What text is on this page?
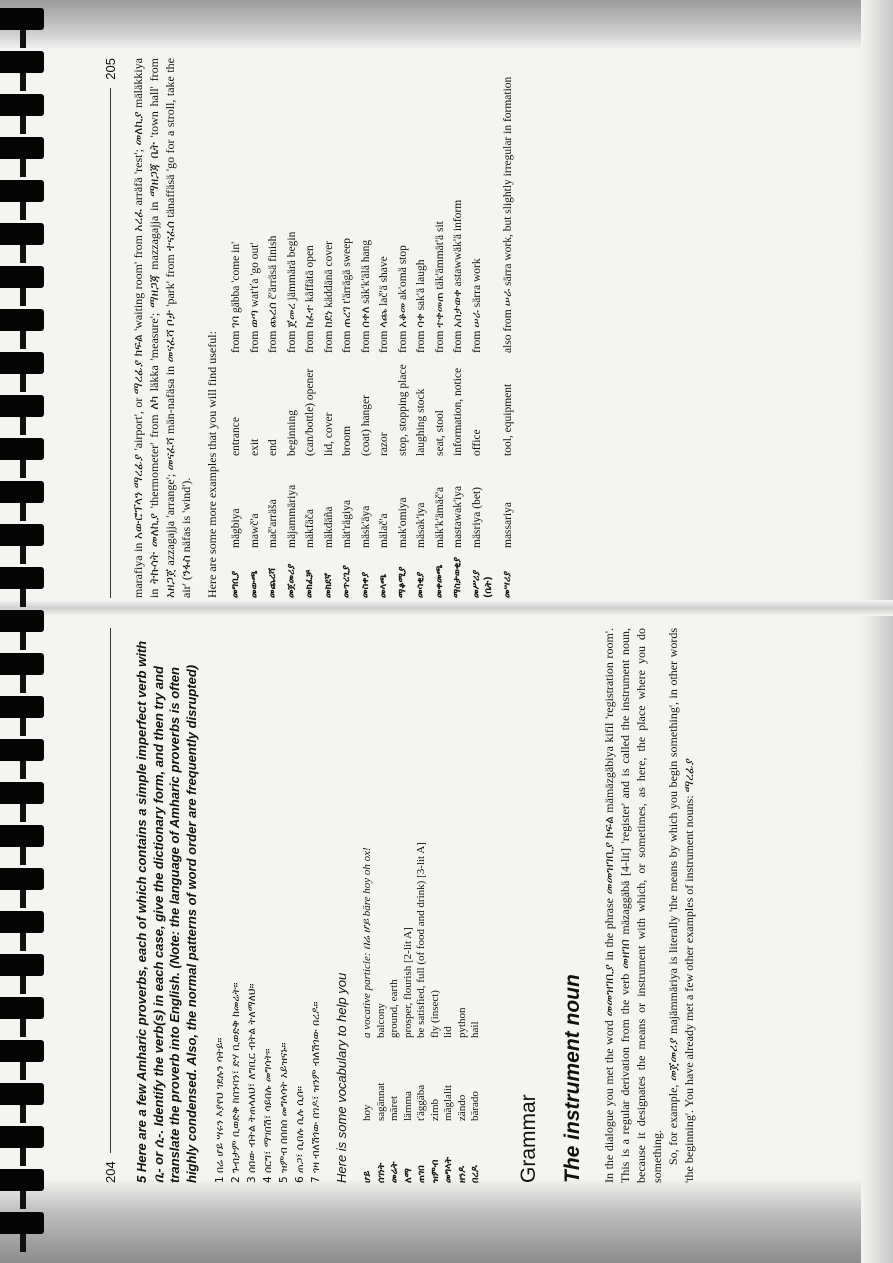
204 5 Here are a few Amharic proverbs, each of which contains a simple imperfect verb with ቢ- or ሲ-. Identify the verb(s) in each case, give the dictionary form, and then try and translate the proverb into English. (Note: the language of Amharic proverbs is often highly condensed. Also, the normal patterns of word order are frequently disrupted) 1 በሬ ሆይ ሣሩን እያየህ ገደሉን ሳትይ። 2 ጉብታም ቢወድቅ ከበንባን፣ ድሃ ቢወድቅ ከመሬት። 3 ሰበው ብትል ትጠላለህ፣ ለግቢር ብትል ትለማለህ። 4 ሰርግ፣ ማገበሽ፣ ሳይበሉ መግሳት። 5 ዝምብ በበበሰ መግላሳት አይዝናኑ። 6 ጠጋ፣ ሲበሉ ሲሉ ሲሰ። 7 ጎዛ ብለሽጎው በገዶ፣ ዝንም ብለሽጎው በረዶ። Here is some vocabulary to help you ሆይ
hoy
a vocative particle: በሬ ሆይ bäre hoy oh ox!
ሰገነት
sagännat
balcony
መሬት
märet
ground, earth
ለማ
lämma
prosper, flourish [2-lit A]
ጠገበ
t'äggäba
be satisfied, full (of food and drink) [3-lit A]
ዝምብ
zimb
fly (insect)
መግላት
mäglalit
lid
ዘንዶ
zändo
python
በረዶ
bärado
hail
Grammar The instrument noun In the dialogue you met the word መመዝገቢያ in the phrase መመዝገቢያ ክፍል mämäzgäbiya kifil 'registration room'. This is a regular derivation from the verb መዘገበ mäzaggäbä [4-lit] 'register' and is called the instrument noun, because it designates the means or instrument with which, or sometimes, as here, the place where you do something. So, for example, መጀመሪያ majämmäriya is literally 'the means by which you begin something', in other words 'the beginning'. You have already met a few other examples of instrument nouns: ማረፊያ
205 marafiya in አውሮፕላን ማረፊያ 'airport', or ማረፊያ ክፍል 'waiting room' from አረፈ arräfä 'rest'; መለኪያ mäläkkiya in ትኩሳት መለኪያ 'thermometer' from ለካ läkka 'measure'; ማዘጋጃ mazzagajja in ማዘጋጃ ቤት 'town hall' from አዘጋጀ azzagajja 'arrange'; መናፈሻ män-nafäsa in መናፈሻ ቦታ 'park' from ተናፈሰ tänaffäsä 'go for a stroll, take the air' (ንፋስ näfas is 'wind'). Here are some more examples that you will find useful: መግቢያ
mägbiya
entrance
from ገባ gäbba 'come in'
መውጫ
mawč'a
exit
from ወጣ wat'ťa 'go out'
መጨረሻ
mač'arräša
end
from ጨረሰ č'ärräsä finish
መጀመሪያ
mäjammäriya
beginning
from ጀመረ jämmärä begin
መክፈቻ
mäkfäča
(can/bottle) opener
from ከፈተ käffätä open
መክደኛ
mäkdäña
lid, cover
from ከደነ käddänä cover
መጥረጊያ
mät'rägiya
broom
from ጠረገ t'ärrägä sweep
መስቀያ
mäsk'äya
(coat) hanger
from ሰቀለ säk'k'älä hang
መላጫ
mälač'a
razor
from ላጨ lač'ä shave
ማቆሚያ
mak'omiya
stop, stopping place
from አቆመ ak'omä stop
መሳቂያ
mäsak'iya
laughing stock
from ሳቀ sak'ä laugh
መቀመጫ
mäk'k'ämäč'a
seat, stool
from ተቀመጠ täk'ämmät'ä sit
ማስታወቂያ
mastawak'iya
information, notice
from አስታወቀ astawwäk'ä inform
መሥሪያ (ቤት)
mäsriya (bet)
office
from ሠራ särra work
መሣሪያ
massariya
tool, equipment
also from ሠራ särra work, but slightly irregular in formation
